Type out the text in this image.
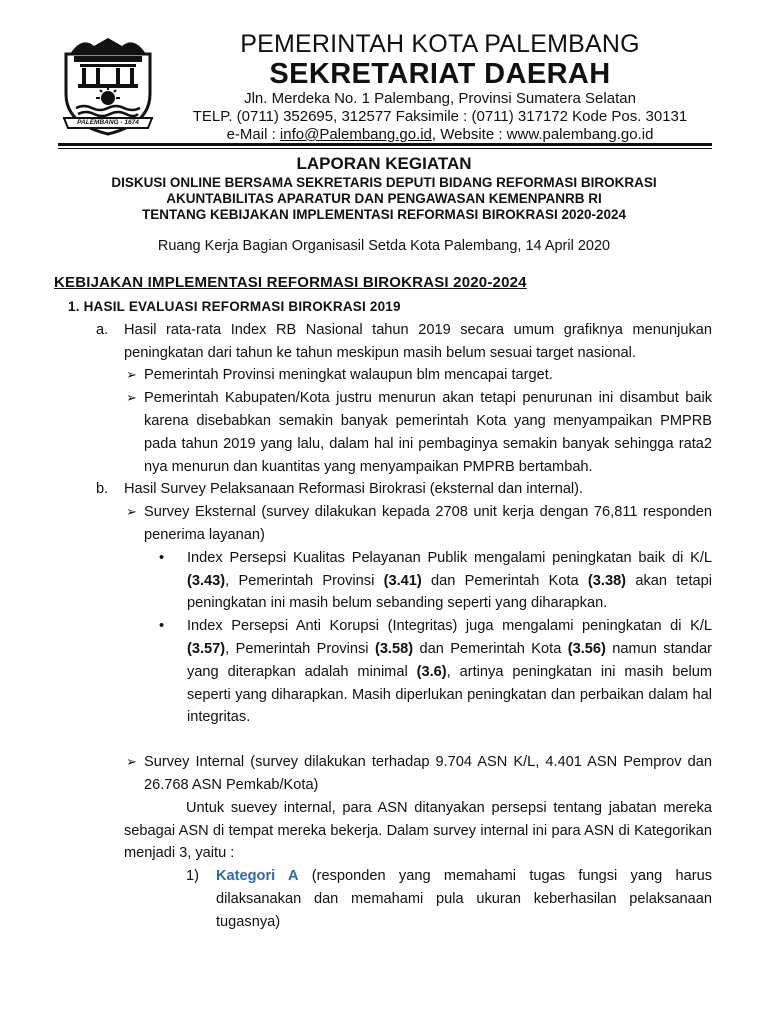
PALEMBANG - 1674
PEMERINTAH KOTA PALEMBANG
SEKRETARIAT DAERAH
Jln. Merdeka No. 1 Palembang, Provinsi Sumatera Selatan
TELP. (0711) 352695, 312577 Faksimile : (0711) 317172 Kode Pos. 30131
e-Mail : info@Palembang.go.id, Website : www.palembang.go.id
LAPORAN KEGIATAN
DISKUSI ONLINE BERSAMA SEKRETARIS DEPUTI BIDANG REFORMASI BIROKRASI
AKUNTABILITAS APARATUR DAN PENGAWASAN KEMENPANRB RI
TENTANG KEBIJAKAN IMPLEMENTASI REFORMASI BIROKRASI 2020-2024
Ruang Kerja Bagian Organisasil Setda Kota Palembang, 14 April 2020
KEBIJAKAN IMPLEMENTASI REFORMASI BIROKRASI 2020-2024
1. HASIL EVALUASI REFORMASI BIROKRASI 2019
a. Hasil rata-rata Index RB Nasional tahun 2019 secara umum grafiknya menunjukan peningkatan dari tahun ke tahun meskipun masih belum sesuai target nasional.
➢ Pemerintah Provinsi meningkat walaupun blm mencapai target.
➢ Pemerintah Kabupaten/Kota justru menurun akan tetapi penurunan ini disambut baik karena disebabkan semakin banyak pemerintah Kota yang menyampaikan PMPRB pada tahun 2019 yang lalu, dalam hal ini pembaginya semakin banyak sehingga rata2 nya menurun dan kuantitas yang menyampaikan PMPRB bertambah.
b. Hasil Survey Pelaksanaan Reformasi Birokrasi (eksternal dan internal).
➢ Survey Eksternal (survey dilakukan kepada 2708 unit kerja dengan 76,811 responden penerima layanan)
• Index Persepsi Kualitas Pelayanan Publik mengalami peningkatan baik di K/L (3.43), Pemerintah Provinsi (3.41) dan Pemerintah Kota (3.38) akan tetapi peningkatan ini masih belum sebanding seperti yang diharapkan.
• Index Persepsi Anti Korupsi (Integritas) juga mengalami peningkatan di K/L (3.57), Pemerintah Provinsi (3.58) dan Pemerintah Kota (3.56) namun standar yang diterapkan adalah minimal (3.6), artinya peningkatan ini masih belum seperti yang diharapkan. Masih diperlukan peningkatan dan perbaikan dalam hal integritas.
➢ Survey Internal (survey dilakukan terhadap 9.704 ASN K/L, 4.401 ASN Pemprov dan 26.768 ASN Pemkab/Kota)
Untuk suevey internal, para ASN ditanyakan persepsi tentang jabatan mereka sebagai ASN di tempat mereka bekerja. Dalam survey internal ini para ASN di Kategorikan menjadi 3, yaitu :
1) Kategori A (responden yang memahami tugas fungsi yang harus dilaksanakan dan memahami pula ukuran keberhasilan pelaksanaan tugasnya)
